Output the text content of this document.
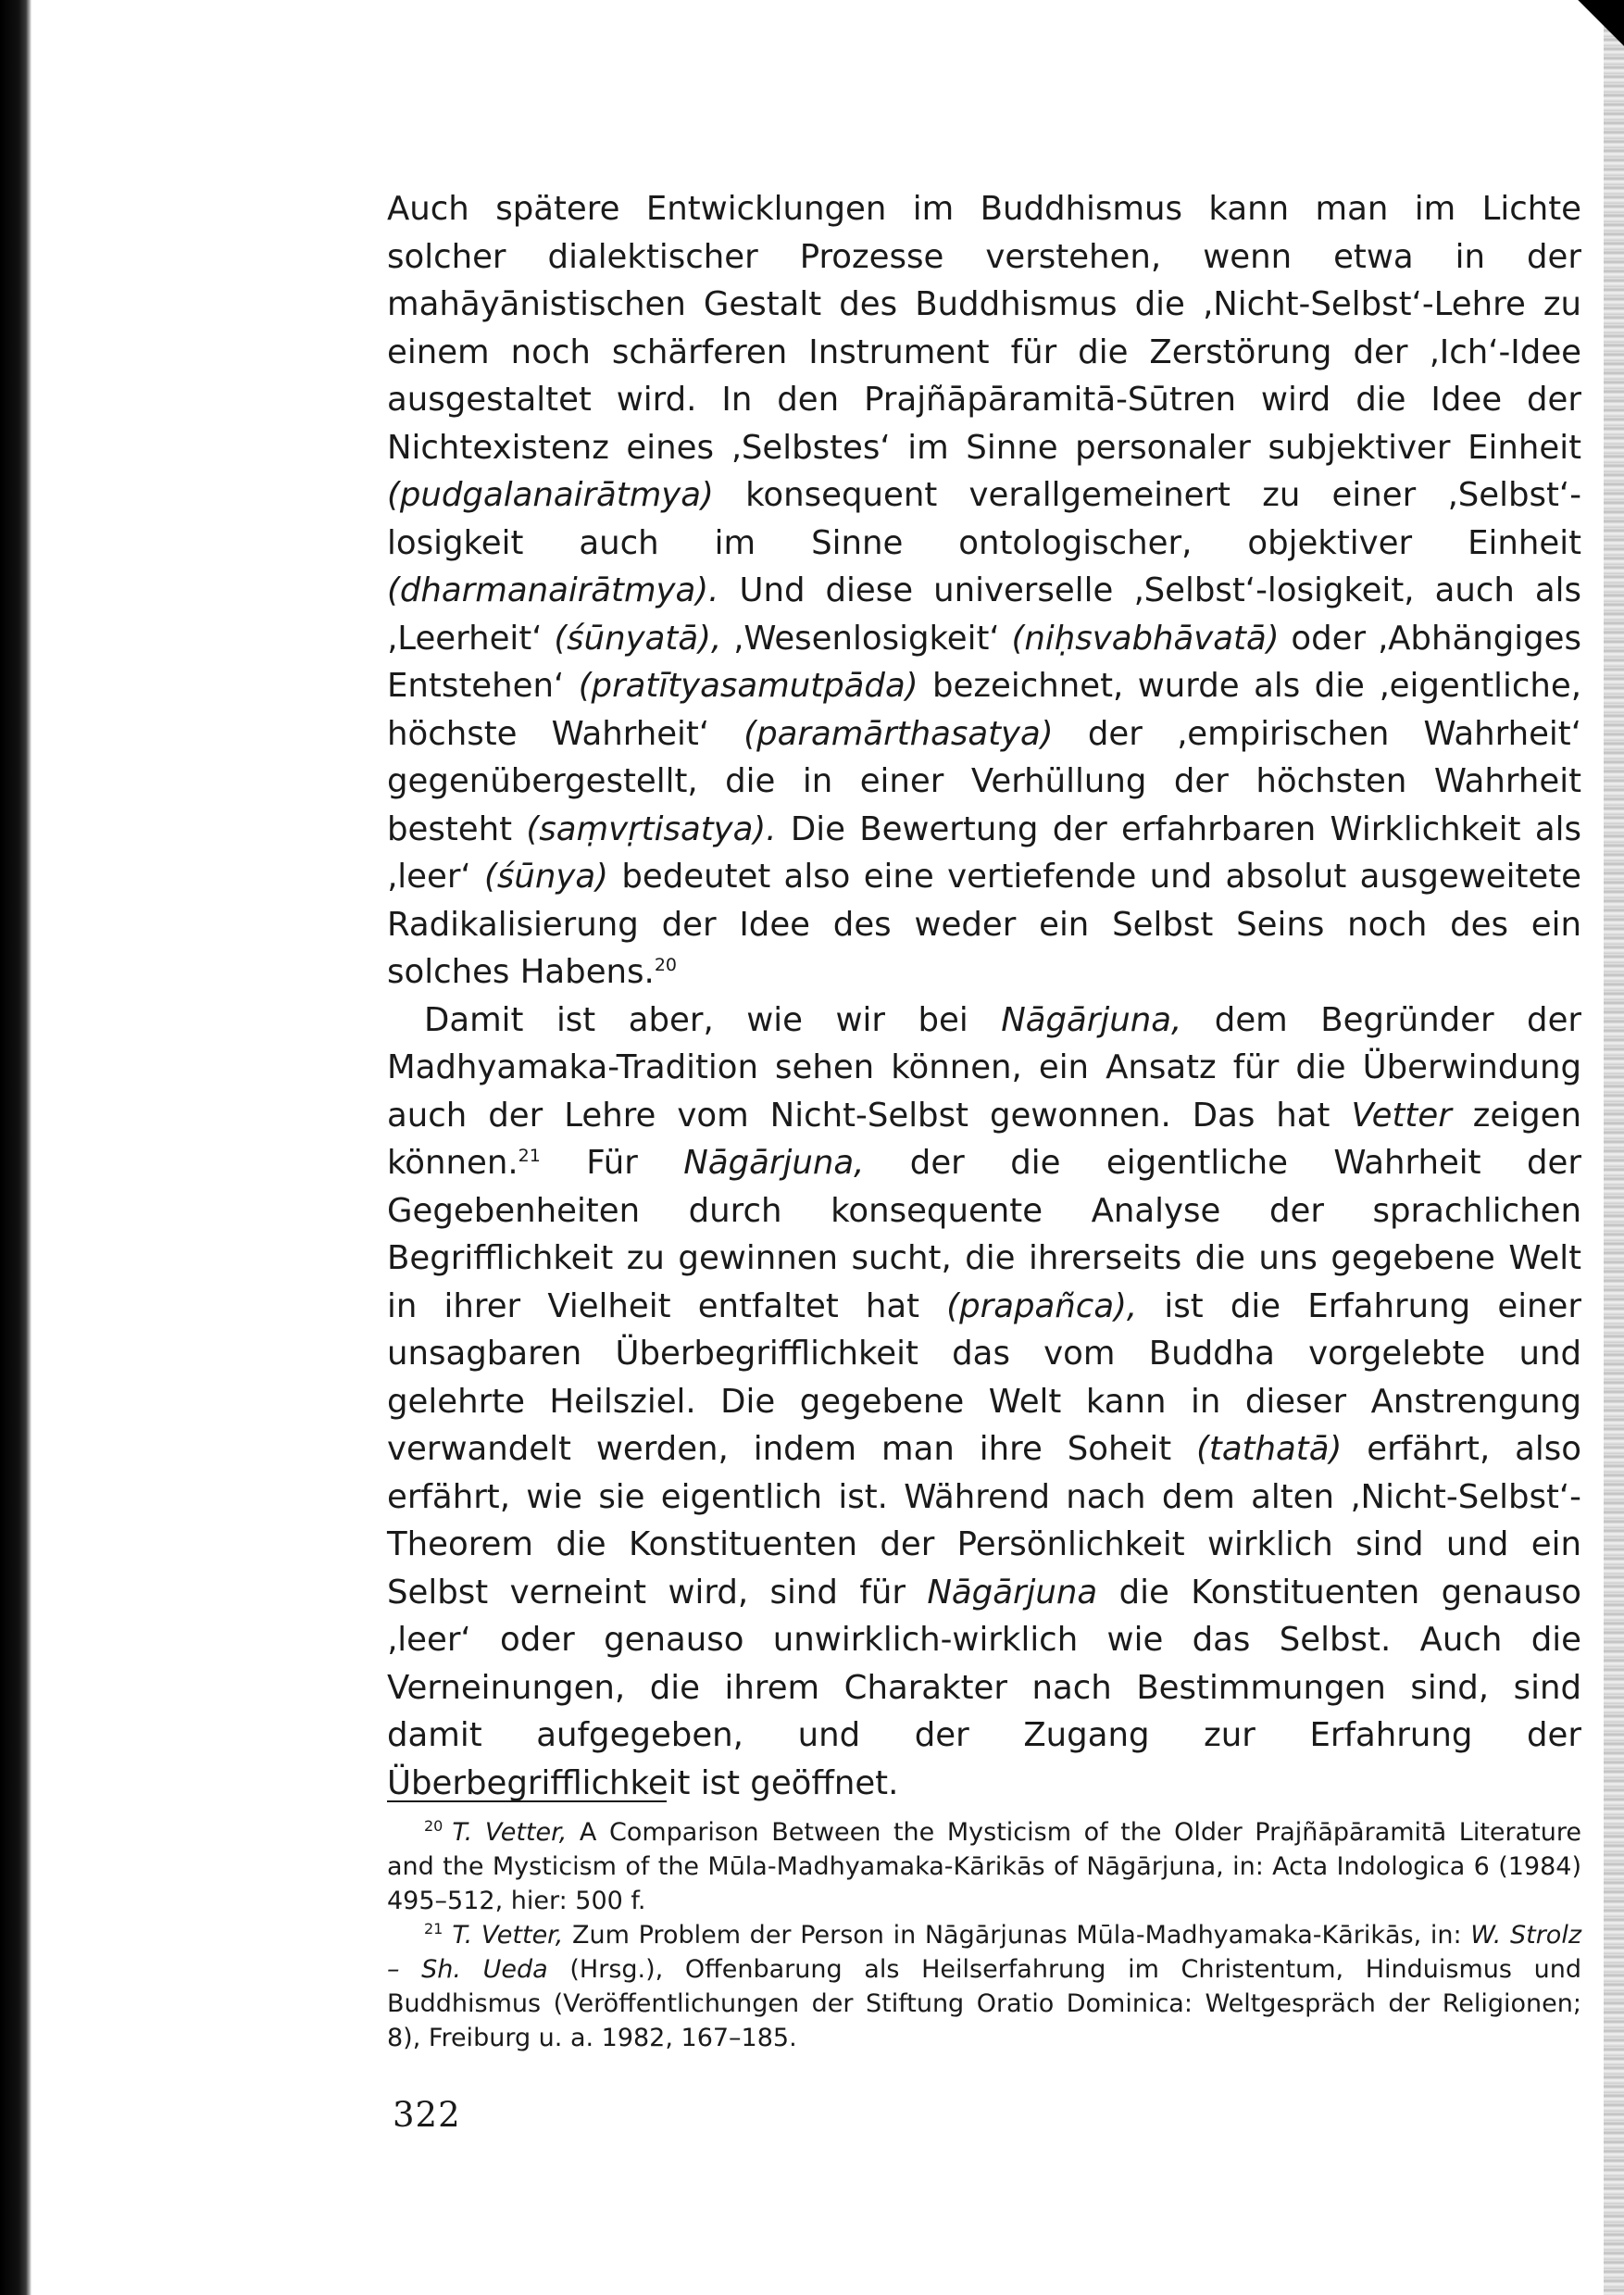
Auch spätere Entwicklungen im Buddhismus kann man im Lichte solcher dialektischer Prozesse verstehen, wenn etwa in der mahāyānistischen Gestalt des Buddhismus die ‚Nicht-Selbst‘-Lehre zu einem noch schärferen Instrument für die Zerstörung der ‚Ich‘-Idee ausgestaltet wird. In den Prajñāpāramitā-Sūtren wird die Idee der Nichtexistenz eines ‚Selbstes‘ im Sinne personaler subjektiver Einheit (pudgalanairātmya) konsequent verallgemeinert zu einer ‚Selbst‘-losigkeit auch im Sinne ontologischer, objektiver Einheit (dharmanairātmya). Und diese universelle ‚Selbst‘-losigkeit, auch als ‚Leerheit‘ (śūnyatā), ‚Wesenlosigkeit‘ (niḥsvabhāvatā) oder ‚Abhängiges Entstehen‘ (pratītyasamutpāda) bezeichnet, wurde als die ‚eigentliche, höchste Wahrheit‘ (paramārthasatya) der ‚empirischen Wahrheit‘ gegenübergestellt, die in einer Verhüllung der höchsten Wahrheit besteht (saṃvṛtisatya). Die Bewertung der erfahrbaren Wirklichkeit als ‚leer‘ (śūnya) bedeutet also eine vertiefende und absolut ausgeweitete Radikalisierung der Idee des weder ein Selbst Seins noch des ein solches Habens.$^{20}$

Damit ist aber, wie wir bei Nāgārjuna, dem Begründer der Madhyamaka-Tradition sehen können, ein Ansatz für die Überwindung auch der Lehre vom Nicht-Selbst gewonnen. Das hat Vetter zeigen können.$^{21}$ Für Nāgārjuna, der die eigentliche Wahrheit der Gegebenheiten durch konsequente Analyse der sprachlichen Begrifflichkeit zu gewinnen sucht, die ihrerseits die uns gegebene Welt in ihrer Vielheit entfaltet hat (prapañca), ist die Erfahrung einer unsagbaren Überbegrifflichkeit das vom Buddha vorgelebte und gelehrte Heilsziel. Die gegebene Welt kann in dieser Anstrengung verwandelt werden, indem man ihre Soheit (tathatā) erfährt, also erfährt, wie sie eigentlich ist. Während nach dem alten ‚Nicht-Selbst‘-Theorem die Konstituenten der Persönlichkeit wirklich sind und ein Selbst verneint wird, sind für Nāgārjuna die Konstituenten genauso ‚leer‘ oder genauso unwirklich-wirklich wie das Selbst. Auch die Verneinungen, die ihrem Charakter nach Bestimmungen sind, sind damit aufgegeben, und der Zugang zur Erfahrung der Überbegrifflichkeit ist geöffnet.

$^{20}$ T. Vetter, A Comparison Between the Mysticism of the Older Prajñāpāramitā Literature and the Mysticism of the Mūla-Madhyamaka-Kārikās of Nāgārjuna, in: Acta Indologica 6 (1984) 495–512, hier: 500 f.

$^{21}$ T. Vetter, Zum Problem der Person in Nāgārjunas Mūla-Madhyamaka-Kārikās, in: W. Strolz – Sh. Ueda (Hrsg.), Offenbarung als Heilserfahrung im Christentum, Hinduismus und Buddhismus (Veröffentlichungen der Stiftung Oratio Dominica: Weltgespräch der Religionen; 8), Freiburg u. a. 1982, 167–185.

322
